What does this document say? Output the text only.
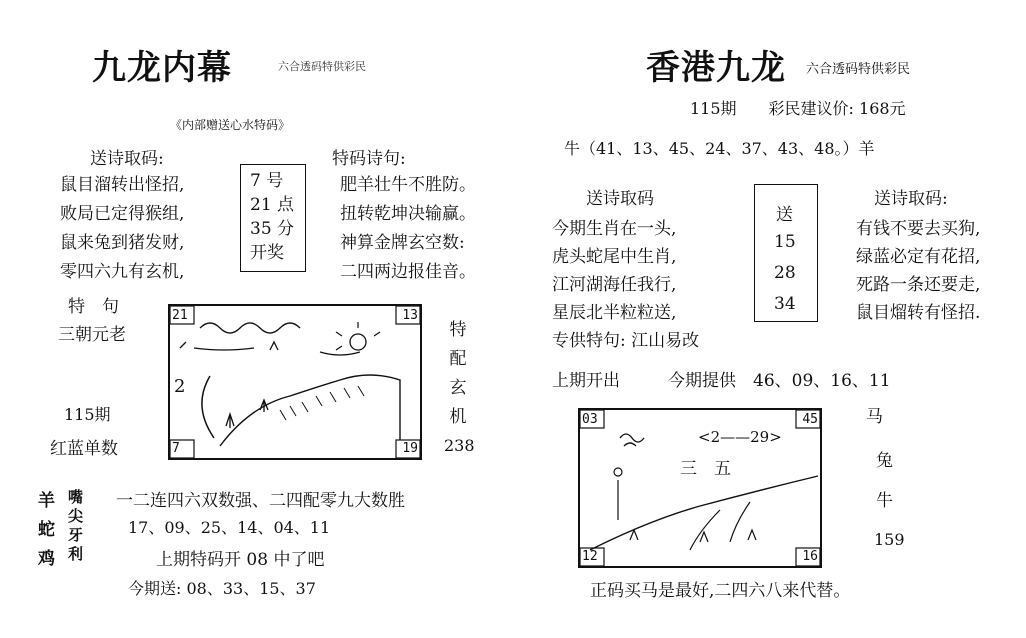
九龙内幕	六合透码特供彩民
《内部赠送心水特码》
送诗取码:
鼠目溜转出怪招,
败局已定得猴组,
鼠来兔到猪发财,
零四六九有玄机,
7 号
21 点
35 分
开奖
特码诗句:
肥羊壮牛不胜防。
扭转乾坤决输赢。
神算金牌玄空数:
二四两边报佳音。
特　句
三朝元老
115期
红蓝单数
21	13
7	19
2
特
配
玄
机
238
羊
蛇
鸡
嘴
尖
牙
利
一二连四六双数强、二四配零九大数胜
17、09、25、14、04、11
上期特码开 08 中了吧
今期送: 08、33、15、37
香港九龙 六合透码特供彩民
115期　　彩民建议价: 168元
牛（41、13、45、24、37、43、48。）羊
送诗取码	送诗取码:
今期生肖在一头,
虎头蛇尾中生肖,
江河湖海任我行,
星辰北半粒粒送,
送
15
28
34
有钱不要去买狗,
绿蓝必定有花招,
死路一条还要走,
鼠目熘转有怪招.
专供特句: 江山易改
上期开出	今期提供　46、09、16、11
03	45
12	16
<2——29>
三　五
马
兔
牛
159
正码买马是最好,二四六八来代替。
